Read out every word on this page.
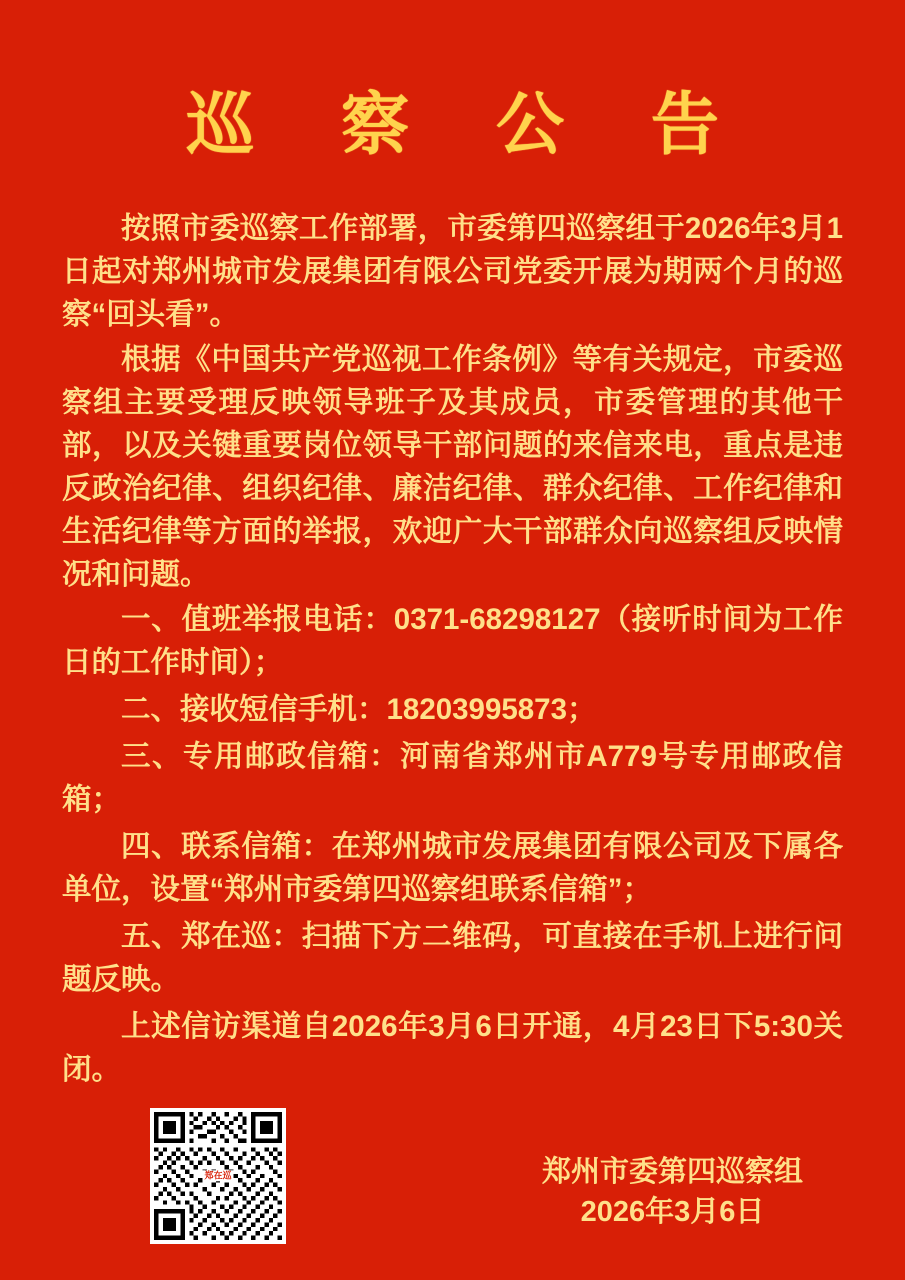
巡 察 公 告

按照市委巡察工作部署，市委第四巡察组于2026年3月1日起对郑州城市发展集团有限公司党委开展为期两个月的巡察“回头看”。

根据《中国共产党巡视工作条例》等有关规定，市委巡察组主要受理反映领导班子及其成员，市委管理的其他干部，以及关键重要岗位领导干部问题的来信来电，重点是违反政治纪律、组织纪律、廉洁纪律、群众纪律、工作纪律和生活纪律等方面的举报，欢迎广大干部群众向巡察组反映情况和问题。

一、值班举报电话：0371-68298127（接听时间为工作日的工作时间）；

二、接收短信手机：18203995873；

三、专用邮政信箱：河南省郑州市A779号专用邮政信箱；

四、联系信箱：在郑州城市发展集团有限公司及下属各单位，设置“郑州市委第四巡察组联系信箱”；

五、郑在巡：扫描下方二维码，可直接在手机上进行问题反映。

上述信访渠道自2026年3月6日开通，4月23日下5:30关闭。

郑在巡	郑州市委第四巡察组
2026年3月6日
